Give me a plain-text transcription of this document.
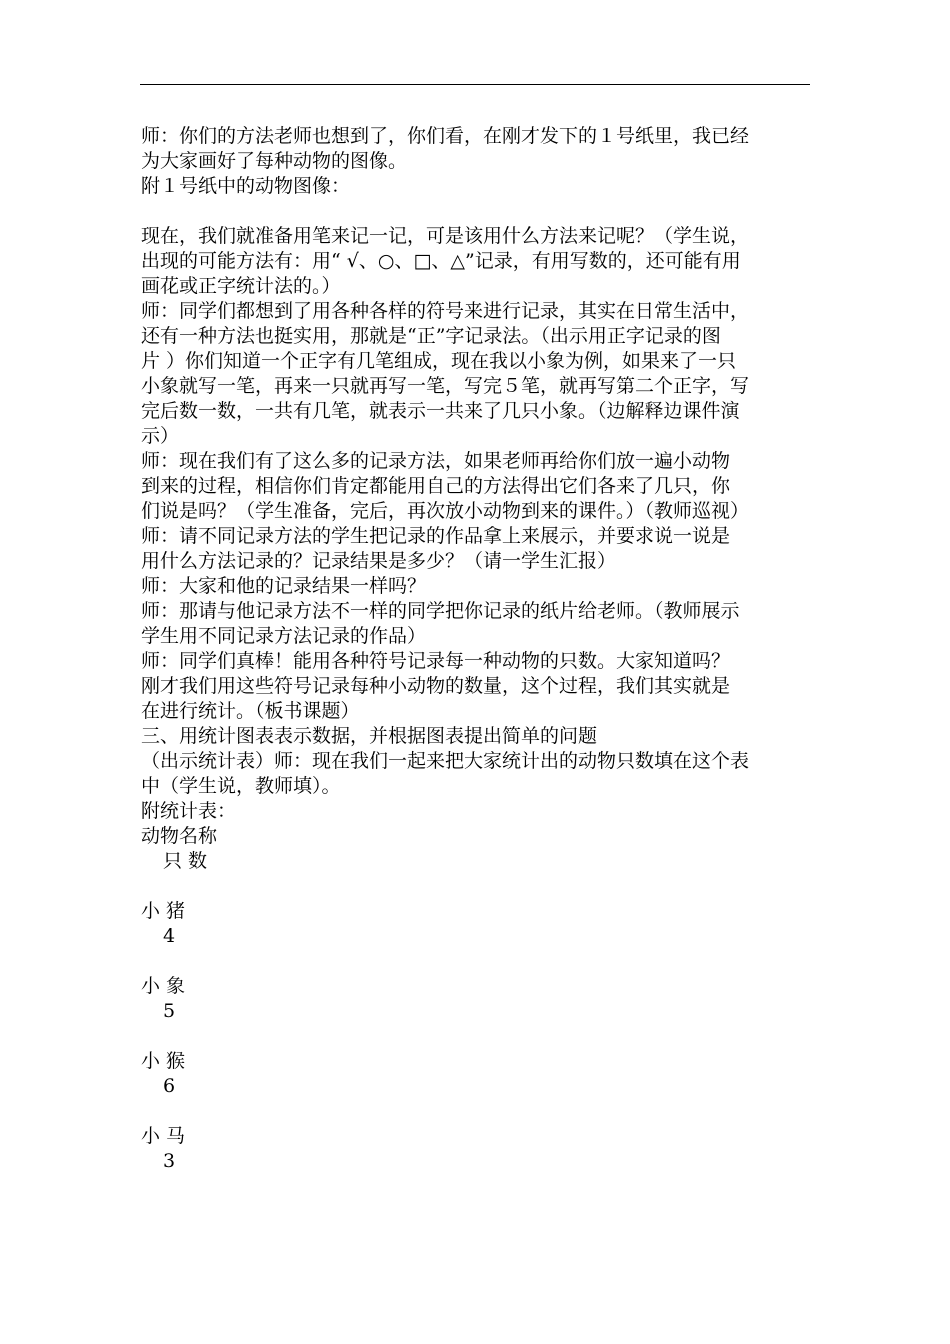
师：你们的方法老师也想到了，你们看，在刚才发下的１号纸里，我已经

为大家画好了每种动物的图像。

附１号纸中的动物图像：

现在，我们就准备用笔来记一记，可是该用什么方法来记呢？（学生说，

出现的可能方法有：用“ √、○、□、△”记录，有用写数的，还可能有用

画花或正字统计法的。）

师：同学们都想到了用各种各样的符号来进行记录，其实在日常生活中，

还有一种方法也挺实用，那就是“正”字记录法。（出示用正字记录的图

片 ）你们知道一个正字有几笔组成，现在我以小象为例，如果来了一只

小象就写一笔，再来一只就再写一笔，写完５笔，就再写第二个正字，写

完后数一数，一共有几笔，就表示一共来了几只小象。（边解释边课件演

示）

师：现在我们有了这么多的记录方法，如果老师再给你们放一遍小动物

到来的过程，相信你们肯定都能用自己的方法得出它们各来了几只，你

们说是吗？（学生准备，完后，再次放小动物到来的课件。）（教师巡视）

师：请不同记录方法的学生把记录的作品拿上来展示，并要求说一说是

用什么方法记录的？记录结果是多少？（请一学生汇报）

师：大家和他的记录结果一样吗？

师：那请与他记录方法不一样的同学把你记录的纸片给老师。（教师展示

学生用不同记录方法记录的作品）

师：同学们真棒！能用各种符号记录每一种动物的只数。大家知道吗？

刚才我们用这些符号记录每种小动物的数量，这个过程，我们其实就是

在进行统计。（板书课题）

三、用统计图表表示数据，并根据图表提出简单的问题

（出示统计表）师：现在我们一起来把大家统计出的动物只数填在这个表

中（学生说，教师填）。

附统计表：

动物名称

只 数

小 猪
4
小 象
5
小 猴
6
小 马
3
